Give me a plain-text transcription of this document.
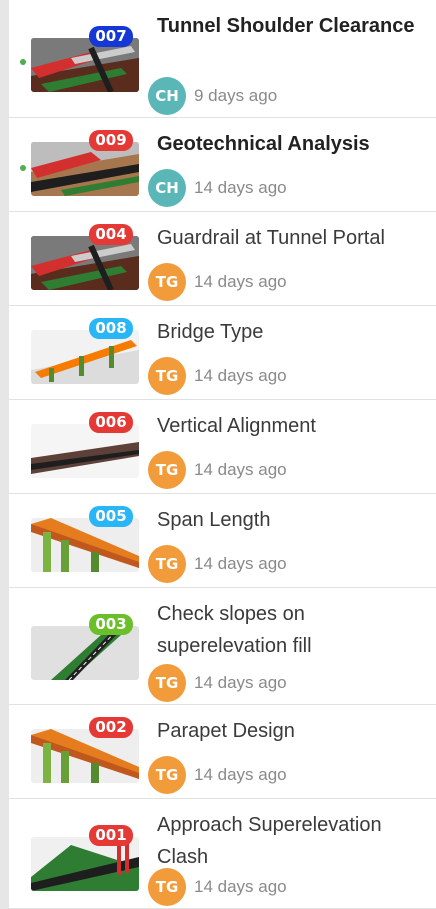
007	Tunnel Shoulder Clearance
CH 9 days ago
009	Geotechnical Analysis
CH 14 days ago
004	Guardrail at Tunnel Portal
TG 14 days ago
008	Bridge Type
TG 14 days ago
006	Vertical Alignment
TG 14 days ago
005	Span Length
TG 14 days ago
003	Check slopes on superelevation fill
TG 14 days ago
002	Parapet Design
TG 14 days ago
001	Approach Superelevation Clash
TG 14 days ago
